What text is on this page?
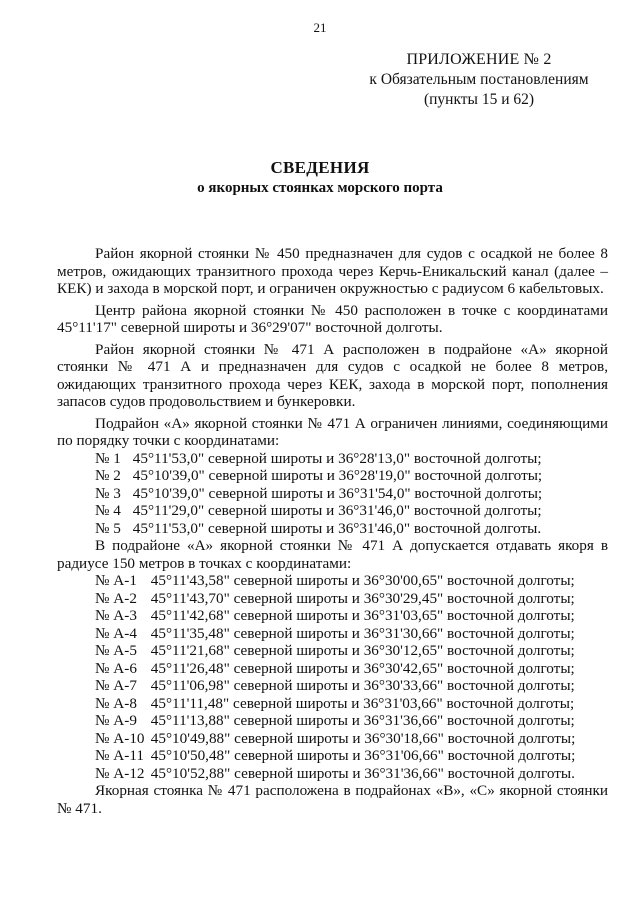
21
ПРИЛОЖЕНИЕ № 2
к Обязательным постановлениям
(пункты 15 и 62)
СВЕДЕНИЯ
о якорных стоянках морского порта

Район якорной стоянки № 450 предназначен для судов с осадкой не более 8 метров, ожидающих транзитного прохода через Керчь-Еникальский канал (далее – КЕК) и захода в морской порт, и ограничен окружностью с радиусом 6 кабельтовых.

Центр района якорной стоянки № 450 расположен в точке с координатами 45°11'17" северной широты и 36°29'07" восточной долготы.

Район якорной стоянки № 471 А расположен в подрайоне «А» якорной стоянки № 471 А и предназначен для судов с осадкой не более 8 метров, ожидающих транзитного прохода через КЕК, захода в морской порт, пополнения запасов судов продовольствием и бункеровки.

Подрайон «А» якорной стоянки № 471 А ограничен линиями, соединяющими по порядку точки с координатами:

№ 1 45°11'53,0" северной широты и 36°28'13,0" восточной долготы;

№ 2 45°10'39,0" северной широты и 36°28'19,0" восточной долготы;

№ 3 45°10'39,0" северной широты и 36°31'54,0" восточной долготы;

№ 4 45°11'29,0" северной широты и 36°31'46,0" восточной долготы;

№ 5 45°11'53,0" северной широты и 36°31'46,0" восточной долготы.

В подрайоне «А» якорной стоянки № 471 А допускается отдавать якоря в радиусе 150 метров в точках с координатами:

№ А-1 45°11'43,58" северной широты и 36°30'00,65" восточной долготы;

№ А-2 45°11'43,70" северной широты и 36°30'29,45" восточной долготы;

№ А-3 45°11'42,68" северной широты и 36°31'03,65" восточной долготы;

№ А-4 45°11'35,48" северной широты и 36°31'30,66" восточной долготы;

№ А-5 45°11'21,68" северной широты и 36°30'12,65" восточной долготы;

№ А-6 45°11'26,48" северной широты и 36°30'42,65" восточной долготы;

№ А-7 45°11'06,98" северной широты и 36°30'33,66" восточной долготы;

№ А-8 45°11'11,48" северной широты и 36°31'03,66" восточной долготы;

№ А-9 45°11'13,88" северной широты и 36°31'36,66" восточной долготы;

№ А-10 45°10'49,88" северной широты и 36°30'18,66" восточной долготы;

№ А-11 45°10'50,48" северной широты и 36°31'06,66" восточной долготы;

№ А-12 45°10'52,88" северной широты и 36°31'36,66" восточной долготы.

Якорная стоянка № 471 расположена в подрайонах «В», «С» якорной стоянки № 471.
